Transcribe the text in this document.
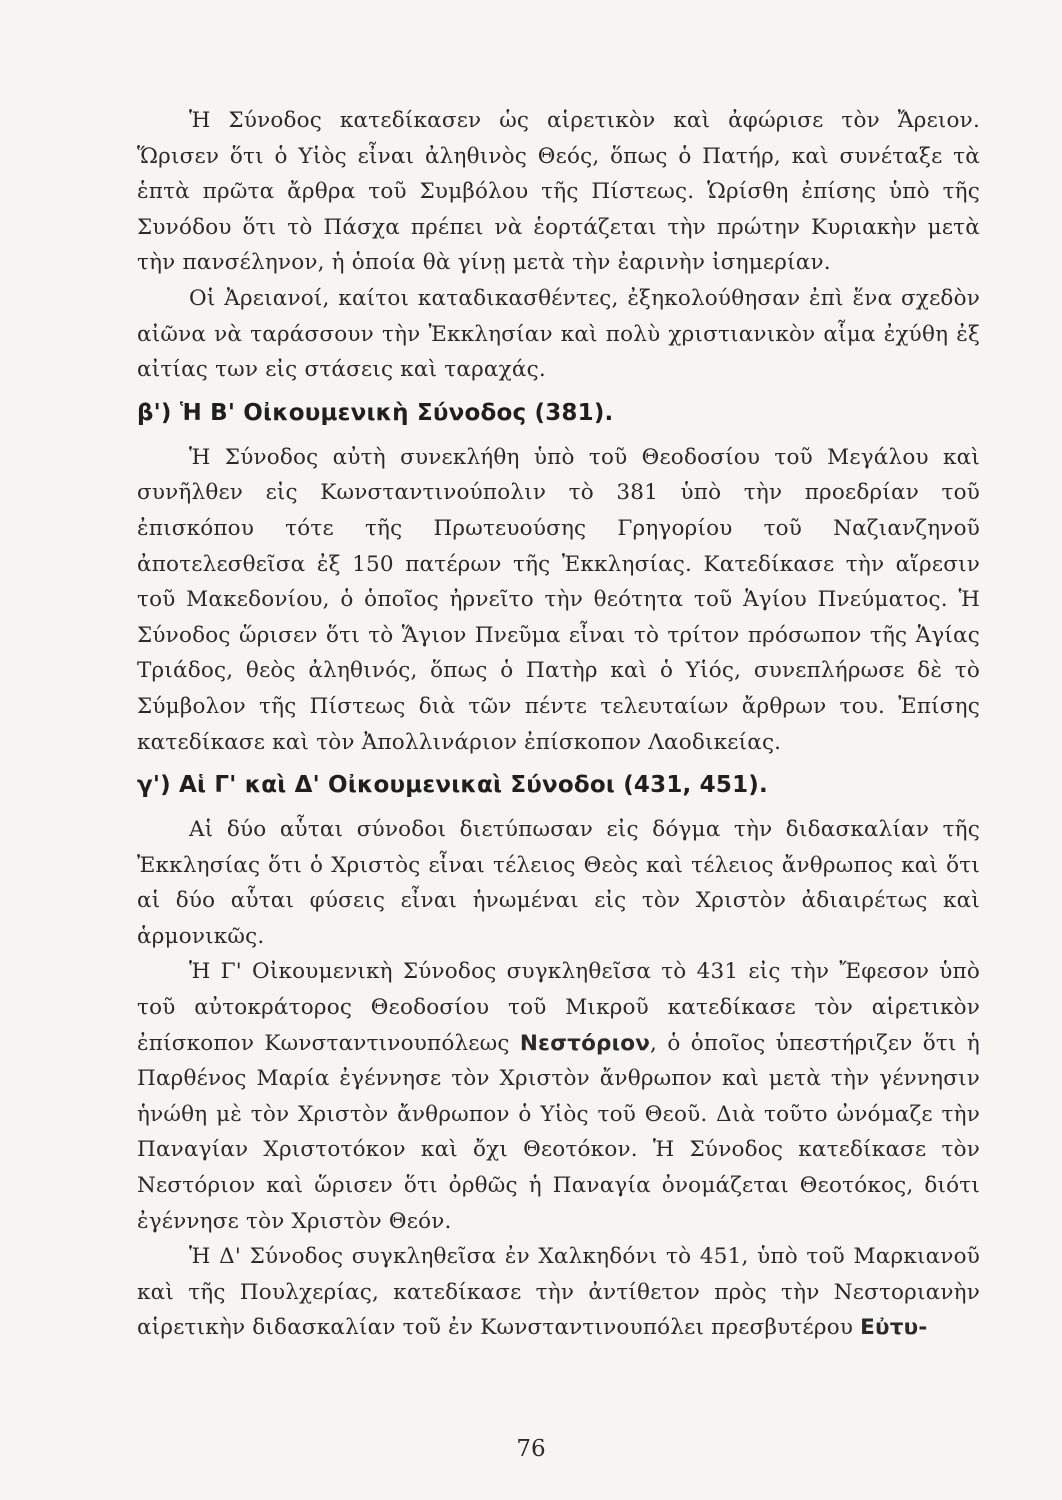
Ἡ Σύνοδος κατεδίκασεν ὡς αἱρετικὸν καὶ ἀφώρισε τὸν Ἄρειον. Ὥρισεν ὅτι ὁ Υἱὸς εἶναι ἀληθινὸς Θεός, ὅπως ὁ Πατήρ, καὶ συνέταξε τὰ ἑπτὰ πρῶτα ἄρθρα τοῦ Συμβόλου τῆς Πίστεως. Ὡρίσθη ἐπίσης ὑπὸ τῆς Συνόδου ὅτι τὸ Πάσχα πρέπει νὰ ἑορτάζεται τὴν πρώτην Κυριακὴν μετὰ τὴν πανσέληνον, ἡ ὁποία θὰ γίνῃ μετὰ τὴν ἐαρινὴν ἰσημερίαν.

Οἱ Ἀρειανοί, καίτοι καταδικασθέντες, ἐξηκολούθησαν ἐπὶ ἕνα σχεδὸν αἰῶνα νὰ ταράσσουν τὴν Ἐκκλησίαν καὶ πολὺ χριστιανικὸν αἷμα ἐχύθη ἐξ αἰτίας των εἰς στάσεις καὶ ταραχάς.

β') Ἡ Β' Οἰκουμενικὴ Σύνοδος (381).

Ἡ Σύνοδος αὐτὴ συνεκλήθη ὑπὸ τοῦ Θεοδοσίου τοῦ Μεγάλου καὶ συνῆλθεν εἰς Κωνσταντινούπολιν τὸ 381 ὑπὸ τὴν προεδρίαν τοῦ ἐπισκόπου τότε τῆς Πρωτευούσης Γρηγορίου τοῦ Ναζιανζηνοῦ ἀποτελεσθεῖσα ἐξ 150 πατέρων τῆς Ἐκκλησίας. Κατεδίκασε τὴν αἵρεσιν τοῦ Μακεδονίου, ὁ ὁποῖος ἠρνεῖτο τὴν θεότητα τοῦ Ἁγίου Πνεύματος. Ἡ Σύνοδος ὥρισεν ὅτι τὸ Ἅγιον Πνεῦμα εἶναι τὸ τρίτον πρόσωπον τῆς Ἁγίας Τριάδος, θεὸς ἀληθινός, ὅπως ὁ Πατὴρ καὶ ὁ Υἱός, συνεπλήρωσε δὲ τὸ Σύμβολον τῆς Πίστεως διὰ τῶν πέντε τελευταίων ἄρθρων του. Ἐπίσης κατεδίκασε καὶ τὸν Ἀπολλινάριον ἐπίσκοπον Λαοδικείας.

γ') Αἱ Γ' καὶ Δ' Οἰκουμενικαὶ Σύνοδοι (431, 451).

Αἱ δύο αὗται σύνοδοι διετύπωσαν εἰς δόγμα τὴν διδασκαλίαν τῆς Ἐκκλησίας ὅτι ὁ Χριστὸς εἶναι τέλειος Θεὸς καὶ τέλειος ἄνθρωπος καὶ ὅτι αἱ δύο αὗται φύσεις εἶναι ἡνωμέναι εἰς τὸν Χριστὸν ἀδιαιρέτως καὶ ἁρμονικῶς.

Ἡ Γ' Οἰκουμενικὴ Σύνοδος συγκληθεῖσα τὸ 431 εἰς τὴν Ἔφεσον ὑπὸ τοῦ αὐτοκράτορος Θεοδοσίου τοῦ Μικροῦ κατεδίκασε τὸν αἱρετικὸν ἐπίσκοπον Κωνσταντινουπόλεως Νεστόριον, ὁ ὁποῖος ὑπεστήριζεν ὅτι ἡ Παρθένος Μαρία ἐγέννησε τὸν Χριστὸν ἄνθρωπον καὶ μετὰ τὴν γέννησιν ἡνώθη μὲ τὸν Χριστὸν ἄνθρωπον ὁ Υἱὸς τοῦ Θεοῦ. Διὰ τοῦτο ὠνόμαζε τὴν Παναγίαν Χριστοτόκον καὶ ὄχι Θεοτόκον. Ἡ Σύνοδος κατεδίκασε τὸν Νεστόριον καὶ ὥρισεν ὅτι ὀρθῶς ἡ Παναγία ὀνομάζεται Θεοτόκος, διότι ἐγέννησε τὸν Χριστὸν Θεόν.

Ἡ Δ' Σύνοδος συγκληθεῖσα ἐν Χαλκηδόνι τὸ 451, ὑπὸ τοῦ Μαρκιανοῦ καὶ τῆς Πουλχερίας, κατεδίκασε τὴν ἀντίθετον πρὸς τὴν Νεστοριανὴν αἱρετικὴν διδασκαλίαν τοῦ ἐν Κωνσταντινουπόλει πρεσβυτέρου Εὐτυ-

76
